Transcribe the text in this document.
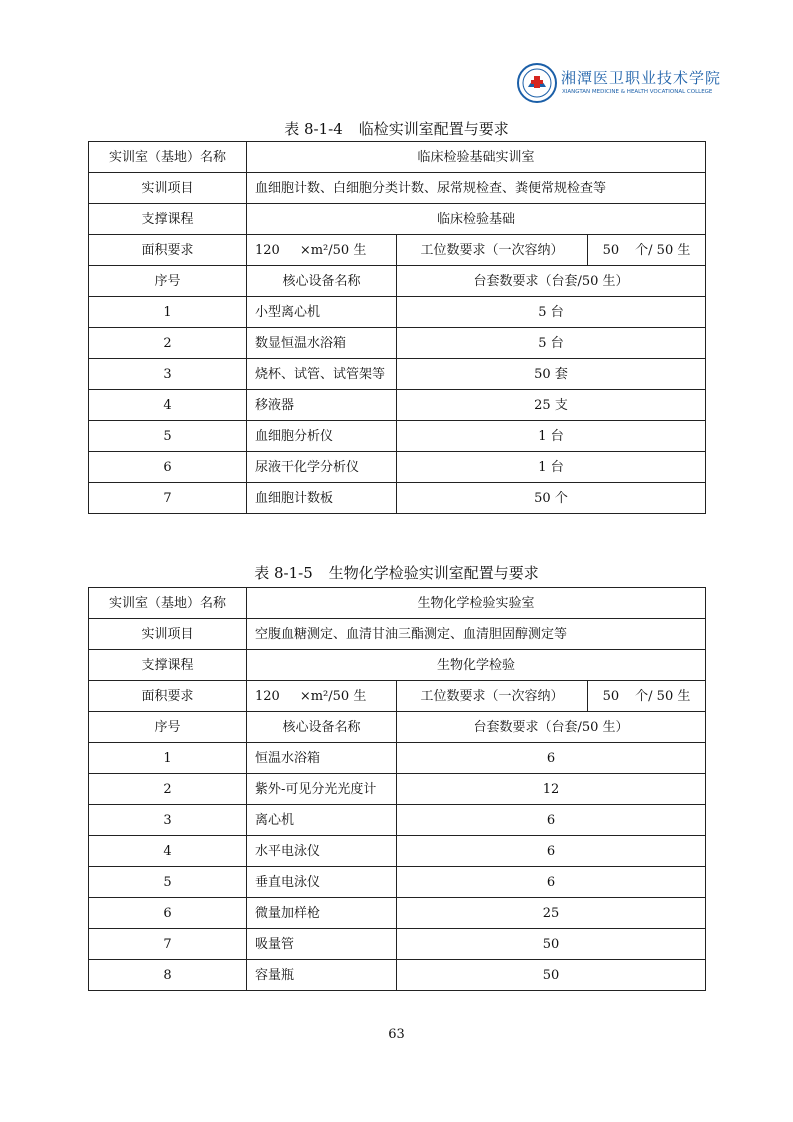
湘潭医卫职业技术学院
XIANGTAN MEDICINE & HEALTH VOCATIONAL COLLEGE
表 8-1-4 临检实训室配置与要求
实训室（基地）名称	临床检验基础实训室		
实训项目	血细胞计数、白细胞分类计数、尿常规检查、粪便常规检查等		
支撑课程	临床检验基础		
面积要求	120 ×m²/50 生	工位数要求（一次容纳）	50 个/ 50 生
序号	核心设备名称	台套数要求（台套/50 生）	
1	小型离心机	5 台	
2	数显恒温水浴箱	5 台	
3	烧杯、试管、试管架等	50 套	
4	移液器	25 支	
5	血细胞分析仪	1 台	
6	尿液干化学分析仪	1 台	
7	血细胞计数板	50 个	
表 8-1-5 生物化学检验实训室配置与要求
实训室（基地）名称	生物化学检验实验室		
实训项目	空腹血糖测定、血清甘油三酯测定、血清胆固醇测定等		
支撑课程	生物化学检验		
面积要求	120 ×m²/50 生	工位数要求（一次容纳）	50 个/ 50 生
序号	核心设备名称	台套数要求（台套/50 生）	
1	恒温水浴箱	6	
2	紫外-可见分光光度计	12	
3	离心机	6	
4	水平电泳仪	6	
5	垂直电泳仪	6	
6	微量加样枪	25	
7	吸量管	50	
8	容量瓶	50	
63
